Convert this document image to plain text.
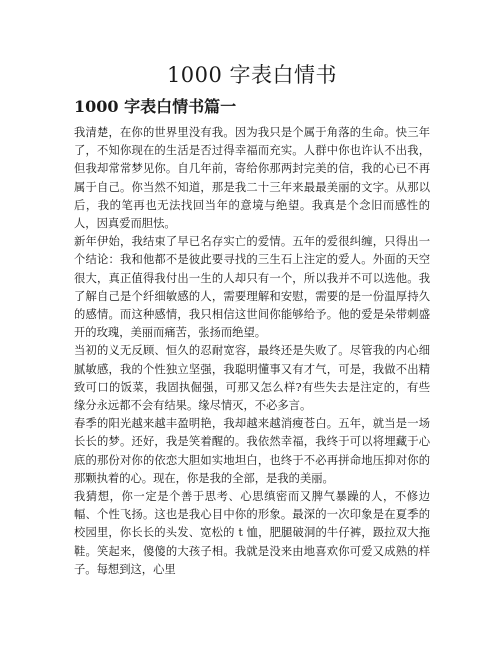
1000 字表白情书
1000 字表白情书篇一

我清楚，在你的世界里没有我。因为我只是个属于角落的生命。快三年了，不知你现在的生活是否过得幸福而充实。人群中你也许认不出我，但我却常常梦见你。自几年前，寄给你那两封完美的信，我的心已不再属于自己。你当然不知道，那是我二十三年来最最美丽的文字。从那以后，我的笔再也无法找回当年的意境与绝望。我真是个念旧而感性的人，因真爱而胆怯。

新年伊始，我结束了早已名存实亡的爱情。五年的爱很纠缠，只得出一个结论：我和他都不是彼此要寻找的三生石上注定的爱人。外面的天空很大，真正值得我付出一生的人却只有一个，所以我并不可以选他。我了解自己是个纤细敏感的人，需要理解和安慰，需要的是一份温厚持久的感情。而这种感情，我只相信这世间你能够给予。他的爱是朵带刺盛开的玫瑰，美丽而痛苦，张扬而绝望。

当初的义无反顾、恒久的忍耐宽容，最终还是失败了。尽管我的内心细腻敏感，我的个性独立坚强，我聪明懂事又有才气，可是，我做不出精致可口的饭菜，我固执倔强，可那又怎么样?有些失去是注定的，有些缘分永远都不会有结果。缘尽情灭，不必多言。

春季的阳光越来越丰盈明艳，我却越来越消瘦苍白。五年，就当是一场长长的梦。还好，我是笑着醒的。我依然幸福，我终于可以将埋藏于心底的那份对你的依恋大胆如实地坦白，也终于不必再拼命地压抑对你的那颗执着的心。现在，你是我的全部，是我的美丽。

我猜想，你一定是个善于思考、心思缜密而又脾气暴躁的人，不修边幅、个性飞扬。这也是我心目中你的形象。最深的一次印象是在夏季的校园里，你长长的头发、宽松的 t 恤，肥腿破洞的牛仔裤，趿拉双大拖鞋。笑起来，傻傻的大孩子相。我就是没来由地喜欢你可爱又成熟的样子。每想到这，心里
